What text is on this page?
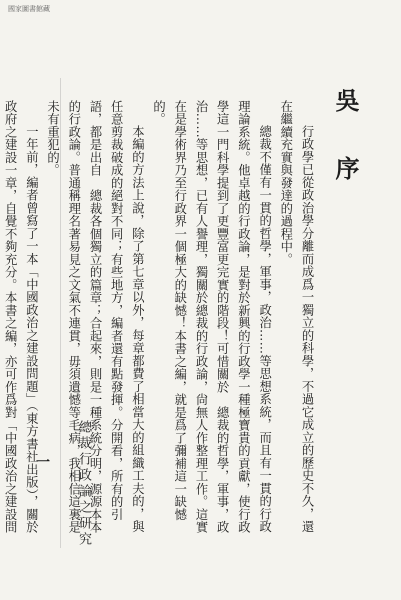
國家圖書館藏
吳　序

行政學已從政治學分離而成爲一獨立的科學，不過它成立的歷史不久，還在繼續充實與發達的過程中。

總裁不僅有一貫的哲學，軍事，政治……等思想系統，而且有一貫的行政理論系統。他卓越的行政論，是對於新興的行政學一種極寶貴的貢獻，使行政學這一門科學提到了更豐富更完實的階段！可惜關於　總裁的哲學，軍事，政治……等思想，已有人譽理，獨關於總裁的行政論，尙無人作整理工作。這實在是學術界乃至行政界一個極大的缺憾！本書之編，就是爲了彌補這一缺憾的。

本編的方法上說，除了第七章以外，每章都費了相當大的組織工夫的，與任意剪裁破成的絕對不同；有些地方，編者還有點發揮。分開看，所有的引語，都是出自　總裁各個獨立的篇章；合起來，則是一種系統分明，源源本本的行政論。普通稱理名著易見之文氣不連貫，毋須遺憾等毛病，我相信這裏是未有重犯的。

一年前，編者曾寫了一本「中國政治之建設問題」（東方書社出版），關於政府之建設一章，自覺不夠充分。本書之編，亦可作爲對「中國政治之建設問	總裁行政論之研究
一
